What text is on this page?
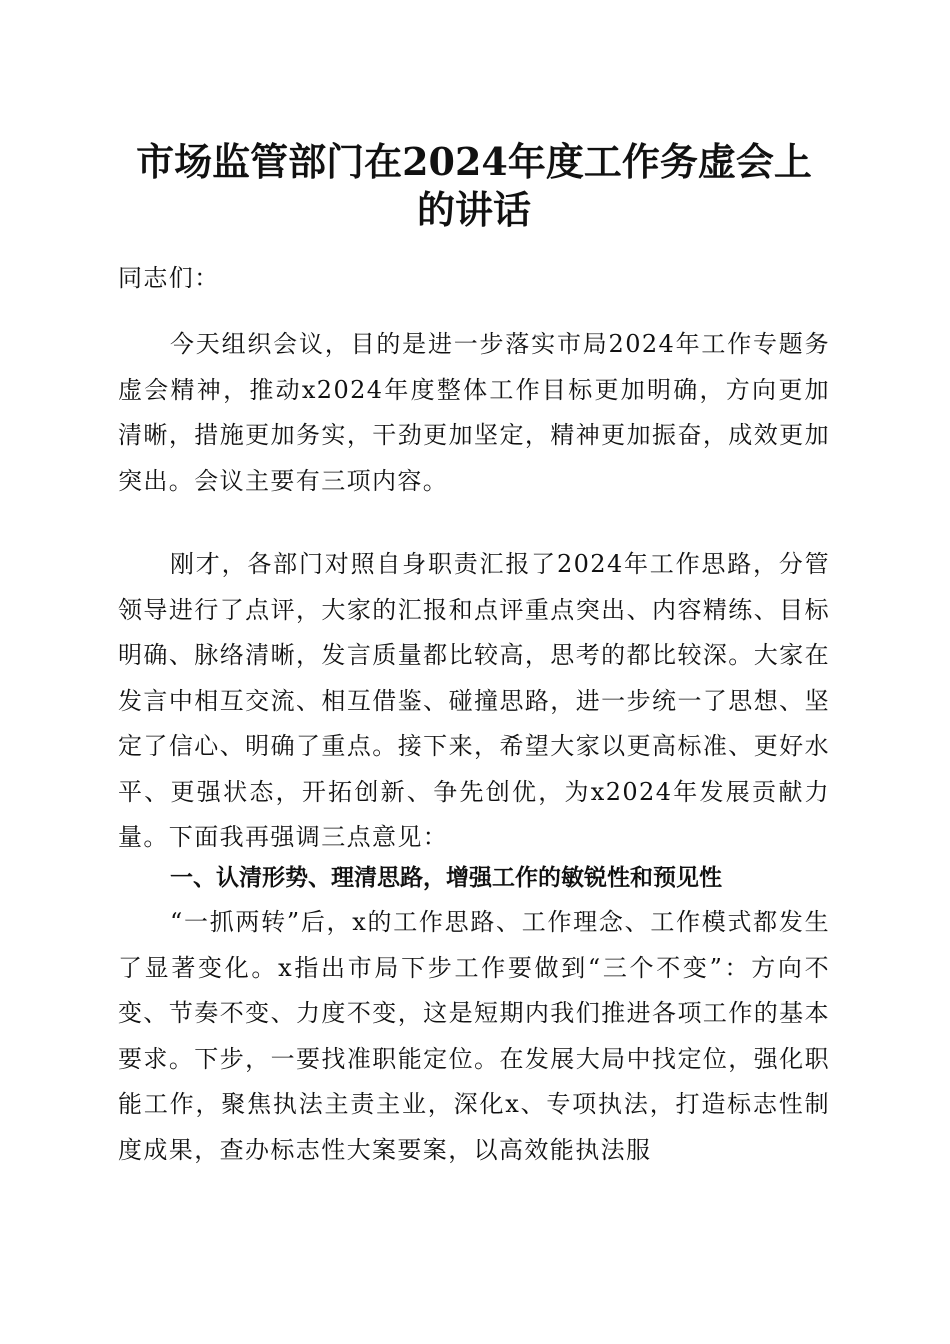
市场监管部门在2024年度工作务虚会上的讲话

同志们：

今天组织会议，目的是进一步落实市局2024年工作专题务虚会精神，推动x2024年度整体工作目标更加明确，方向更加清晰，措施更加务实，干劲更加坚定，精神更加振奋，成效更加突出。会议主要有三项内容。

刚才，各部门对照自身职责汇报了2024年工作思路，分管领导进行了点评，大家的汇报和点评重点突出、内容精练、目标明确、脉络清晰，发言质量都比较高，思考的都比较深。大家在发言中相互交流、相互借鉴、碰撞思路，进一步统一了思想、坚定了信心、明确了重点。接下来，希望大家以更高标准、更好水平、更强状态，开拓创新、争先创优，为x2024年发展贡献力量。下面我再强调三点意见：

一、认清形势、理清思路，增强工作的敏锐性和预见性

“一抓两转”后，x的工作思路、工作理念、工作模式都发生了显著变化。x指出市局下步工作要做到“三个不变”：方向不变、节奏不变、力度不变，这是短期内我们推进各项工作的基本要求。下步，一要找准职能定位。在发展大局中找定位，强化职能工作，聚焦执法主责主业，深化x、专项执法，打造标志性制度成果，查办标志性大案要案，以高效能执法服
